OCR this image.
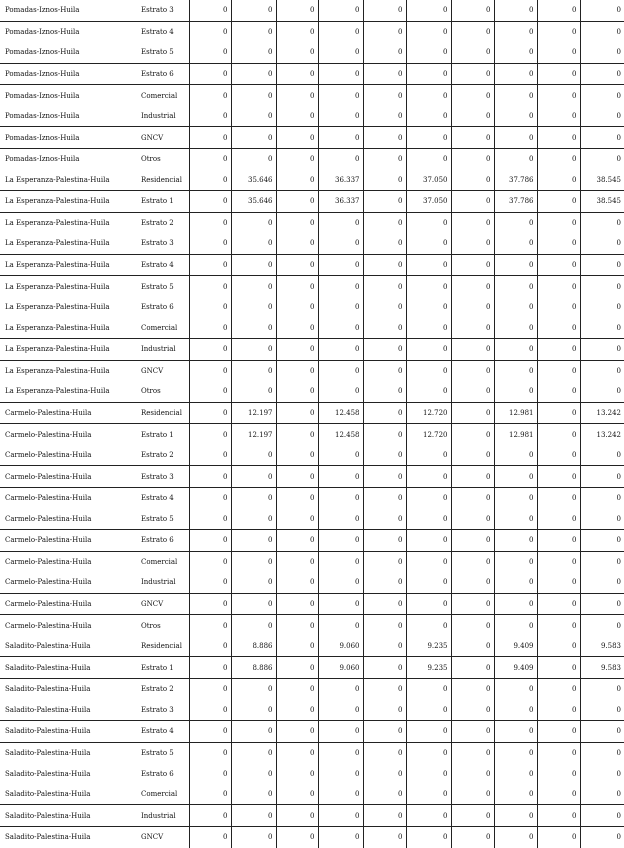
Pomadas-Iznos-Huila	Estrato 3	0	0	0	0	0	0	0	0	0	0
Pomadas-Iznos-Huila	Estrato 4	0	0	0	0	0	0	0	0	0	0
Pomadas-Iznos-Huila	Estrato 5	0	0	0	0	0	0	0	0	0	0
Pomadas-Iznos-Huila	Estrato 6	0	0	0	0	0	0	0	0	0	0
Pomadas-Iznos-Huila	Comercial	0	0	0	0	0	0	0	0	0	0
Pomadas-Iznos-Huila	Industrial	0	0	0	0	0	0	0	0	0	0
Pomadas-Iznos-Huila	GNCV	0	0	0	0	0	0	0	0	0	0
Pomadas-Iznos-Huila	Otros	0	0	0	0	0	0	0	0	0	0
La Esperanza-Palestina-Huila	Residencial	0	35.646	0	36.337	0	37.050	0	37.786	0	38.545
La Esperanza-Palestina-Huila	Estrato 1	0	35.646	0	36.337	0	37.050	0	37.786	0	38.545
La Esperanza-Palestina-Huila	Estrato 2	0	0	0	0	0	0	0	0	0	0
La Esperanza-Palestina-Huila	Estrato 3	0	0	0	0	0	0	0	0	0	0
La Esperanza-Palestina-Huila	Estrato 4	0	0	0	0	0	0	0	0	0	0
La Esperanza-Palestina-Huila	Estrato 5	0	0	0	0	0	0	0	0	0	0
La Esperanza-Palestina-Huila	Estrato 6	0	0	0	0	0	0	0	0	0	0
La Esperanza-Palestina-Huila	Comercial	0	0	0	0	0	0	0	0	0	0
La Esperanza-Palestina-Huila	Industrial	0	0	0	0	0	0	0	0	0	0
La Esperanza-Palestina-Huila	GNCV	0	0	0	0	0	0	0	0	0	0
La Esperanza-Palestina-Huila	Otros	0	0	0	0	0	0	0	0	0	0
Carmelo-Palestina-Huila	Residencial	0	12.197	0	12.458	0	12.720	0	12.981	0	13.242
Carmelo-Palestina-Huila	Estrato 1	0	12.197	0	12.458	0	12.720	0	12.981	0	13.242
Carmelo-Palestina-Huila	Estrato 2	0	0	0	0	0	0	0	0	0	0
Carmelo-Palestina-Huila	Estrato 3	0	0	0	0	0	0	0	0	0	0
Carmelo-Palestina-Huila	Estrato 4	0	0	0	0	0	0	0	0	0	0
Carmelo-Palestina-Huila	Estrato 5	0	0	0	0	0	0	0	0	0	0
Carmelo-Palestina-Huila	Estrato 6	0	0	0	0	0	0	0	0	0	0
Carmelo-Palestina-Huila	Comercial	0	0	0	0	0	0	0	0	0	0
Carmelo-Palestina-Huila	Industrial	0	0	0	0	0	0	0	0	0	0
Carmelo-Palestina-Huila	GNCV	0	0	0	0	0	0	0	0	0	0
Carmelo-Palestina-Huila	Otros	0	0	0	0	0	0	0	0	0	0
Saladito-Palestina-Huila	Residencial	0	8.886	0	9.060	0	9.235	0	9.409	0	9.583
Saladito-Palestina-Huila	Estrato 1	0	8.886	0	9.060	0	9.235	0	9.409	0	9.583
Saladito-Palestina-Huila	Estrato 2	0	0	0	0	0	0	0	0	0	0
Saladito-Palestina-Huila	Estrato 3	0	0	0	0	0	0	0	0	0	0
Saladito-Palestina-Huila	Estrato 4	0	0	0	0	0	0	0	0	0	0
Saladito-Palestina-Huila	Estrato 5	0	0	0	0	0	0	0	0	0	0
Saladito-Palestina-Huila	Estrato 6	0	0	0	0	0	0	0	0	0	0
Saladito-Palestina-Huila	Comercial	0	0	0	0	0	0	0	0	0	0
Saladito-Palestina-Huila	Industrial	0	0	0	0	0	0	0	0	0	0
Saladito-Palestina-Huila	GNCV	0	0	0	0	0	0	0	0	0	0
